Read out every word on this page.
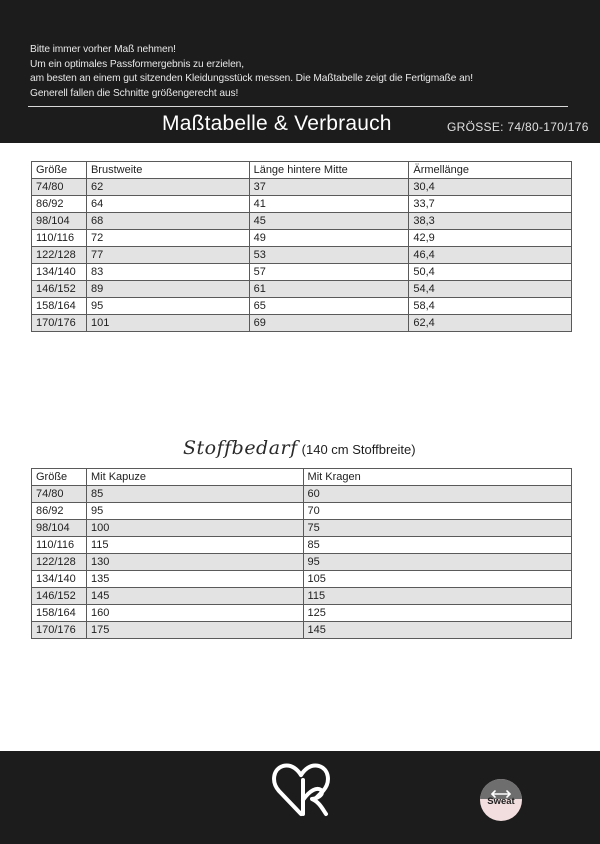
Bitte immer vorher Maß nehmen!
Um ein optimales Passformergebnis zu erzielen,
am besten an einem gut sitzenden Kleidungsstück messen. Die Maßtabelle zeigt die Fertigmaße an!
Generell fallen die Schnitte größengerecht aus!
Maßtabelle & Verbrauch	GRÖSSE: 74/80-170/176
Größe	Brustweite	Länge hintere Mitte	Ärmellänge
74/80	62	37	30,4
86/92	64	41	33,7
98/104	68	45	38,3
110/116	72	49	42,9
122/128	77	53	46,4
134/140	83	57	50,4
146/152	89	61	54,4
158/164	95	65	58,4
170/176	101	69	62,4
Stoffbedarf (140 cm Stoffbreite)
Größe	Mit Kapuze	Mit Kragen
74/80	85	60
86/92	95	70
98/104	100	75
110/116	115	85
122/128	130	95
134/140	135	105
146/152	145	115
158/164	160	125
170/176	175	145
Sweat
